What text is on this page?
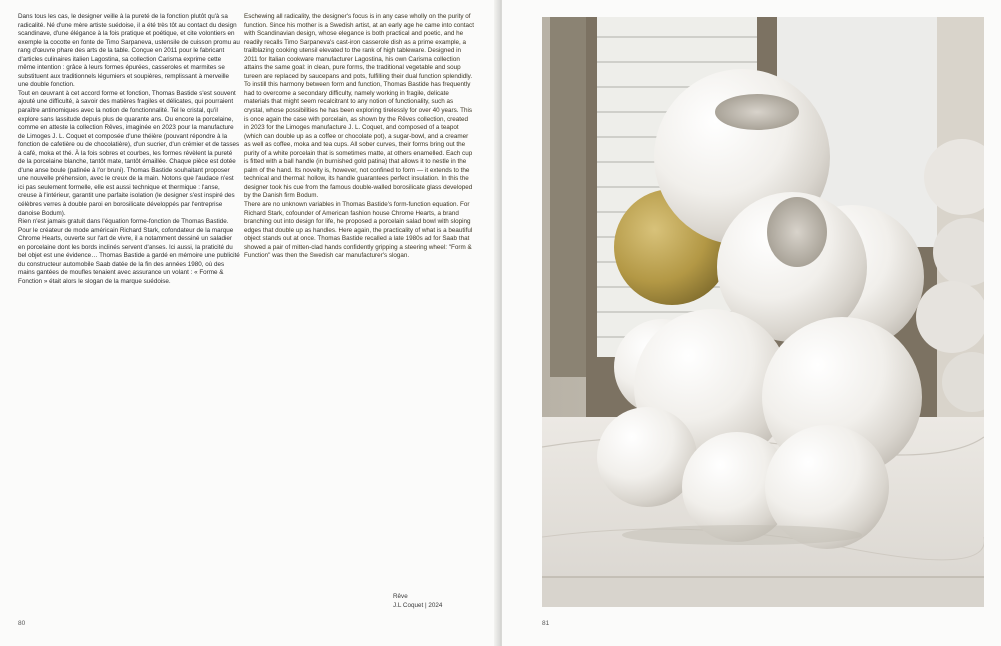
Dans tous les cas, le designer veille à la pureté de la fonction plutôt qu'à sa radicalité. Né d'une mère artiste suédoise, il a été très tôt au contact du design scandinave, d'une élégance à la fois pratique et poétique, et cite volontiers en exemple la cocotte en fonte de Timo Sarpaneva, ustensile de cuisson promu au rang d'œuvre phare des arts de la table. Conçue en 2011 pour le fabricant d'articles culinaires italien Lagostina, sa collection Carisma exprime cette même intention : grâce à leurs formes épurées, casseroles et marmites se substituent aux traditionnels légumiers et soupières, remplissant à merveille une double fonction.

Tout en œuvrant à cet accord forme et fonction, Thomas Bastide s'est souvent ajouté une difficulté, à savoir des matières fragiles et délicates, qui pourraient paraître antinomiques avec la notion de fonctionnalité. Tel le cristal, qu'il explore sans lassitude depuis plus de quarante ans. Ou encore la porcelaine, comme en atteste la collection Rêves, imaginée en 2023 pour la manufacture de Limoges J. L. Coquet et composée d'une théière (pouvant répondre à la fonction de cafetière ou de chocolatière), d'un sucrier, d'un crémier et de tasses à café, moka et thé. À la fois sobres et courbes, les formes révèlent la pureté de la porcelaine blanche, tantôt mate, tantôt émaillée. Chaque pièce est dotée d'une anse boule (patinée à l'or bruni). Thomas Bastide souhaitant proposer une nouvelle préhension, avec le creux de la main. Notons que l'audace n'est ici pas seulement formelle, elle est aussi technique et thermique : l'anse, creuse à l'intérieur, garantit une parfaite isolation (le designer s'est inspiré des célèbres verres à double paroi en borosilicate développés par l'entreprise danoise Bodum).

Rien n'est jamais gratuit dans l'équation forme-fonction de Thomas Bastide. Pour le créateur de mode américain Richard Stark, cofondateur de la marque Chrome Hearts, ouverte sur l'art de vivre, il a notamment dessiné un saladier en porcelaine dont les bords inclinés servent d'anses. Ici aussi, la praticité du bel objet est une évidence… Thomas Bastide a gardé en mémoire une publicité du constructeur automobile Saab datée de la fin des années 1980, où des mains gantées de moufles tenaient avec assurance un volant : « Forme & Fonction » était alors le slogan de la marque suédoise.

Eschewing all radicality, the designer's focus is in any case wholly on the purity of function. Since his mother is a Swedish artist, at an early age he came into contact with Scandinavian design, whose elegance is both practical and poetic, and he readily recalls Timo Sarpaneva's cast-iron casserole dish as a prime example, a trailblazing cooking utensil elevated to the rank of high tableware. Designed in 2011 for Italian cookware manufacturer Lagostina, his own Carisma collection attains the same goal: in clean, pure forms, the traditional vegetable and soup tureen are replaced by saucepans and pots, fulfilling their dual function splendidly.

To instill this harmony between form and function, Thomas Bastide has frequently had to overcome a secondary difficulty, namely working in fragile, delicate materials that might seem recalcitrant to any notion of functionality, such as crystal, whose possibilities he has been exploring tirelessly for over 40 years. This is once again the case with porcelain, as shown by the Rêves collection, created in 2023 for the Limoges manufacture J. L. Coquet, and composed of a teapot (which can double up as a coffee or chocolate pot), a sugar-bowl, and a creamer as well as coffee, moka and tea cups. All sober curves, their forms bring out the purity of a white porcelain that is sometimes matte, at others enamelled. Each cup is fitted with a ball handle (in burnished gold patina) that allows it to nestle in the palm of the hand. Its novelty is, however, not confined to form — it extends to the technical and thermal: hollow, its handle guarantees perfect insulation. In this the designer took his cue from the famous double-walled borosilicate glass developed by the Danish firm Bodum.

There are no unknown variables in Thomas Bastide's form-function equation. For Richard Stark, cofounder of American fashion house Chrome Hearts, a brand branching out into design for life, he proposed a porcelain salad bowl with sloping edges that double up as handles. Here again, the practicality of what is a beautiful object stands out at once. Thomas Bastide recalled a late 1980s ad for Saab that showed a pair of mitten-clad hands confidently gripping a steering wheel: "Form & Function" was then the Swedish car manufacturer's slogan.

Rêve
J.L Coquet | 2024
80	81
